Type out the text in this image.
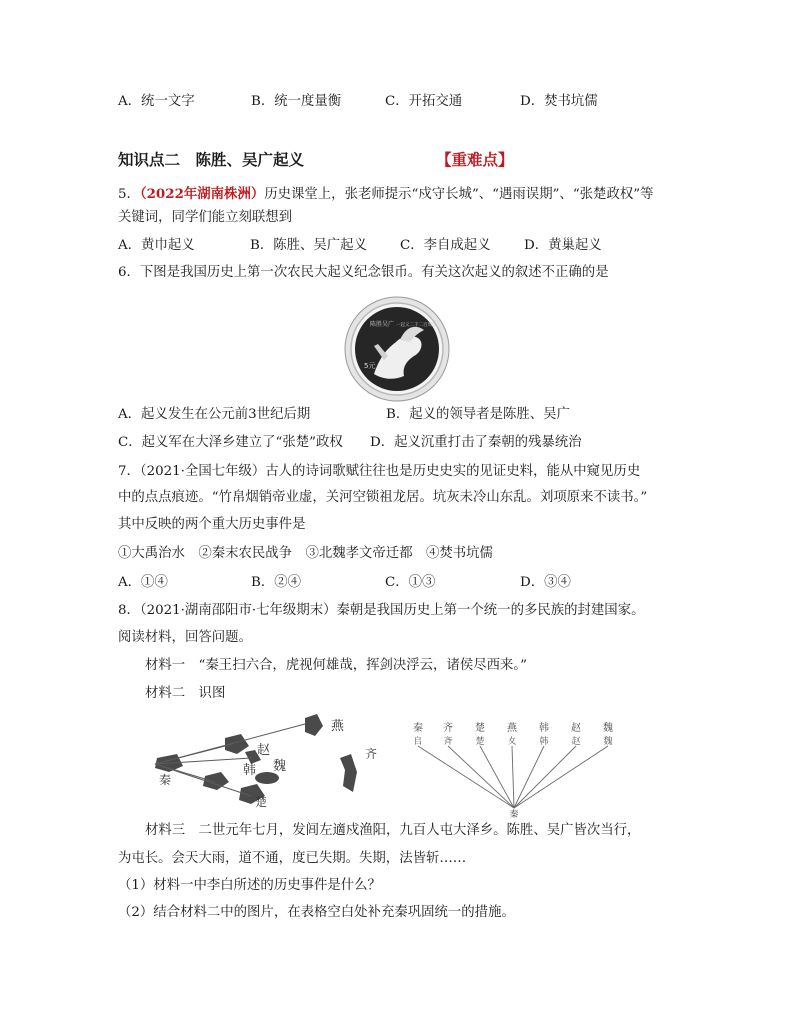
A．统一文字	B．统一度量衡	C．开拓交通	D．焚书坑儒
知识点二　陈胜、吴广起义	【重难点】
5．（2022年湖南株洲）历史课堂上，张老师提示“戍守长城”、“遇雨误期”、“张楚政权”等
关键词，同学们能立刻联想到
A．黄巾起义	B．陈胜、吴广起义 C．李自成起义 D．黄巢起义
6．下图是我国历史上第一次农民大起义纪念银币。有关这次起义的叙述不正确的是
陈胜吴广 一起义二千二百周年
5元
A．起义发生在公元前3世纪后期	B．起义的领导者是陈胜、吴广
C．起义军在大泽乡建立了“张楚”政权 D．起义沉重打击了秦朝的残暴统治
7．（2021·全国七年级）古人的诗词歌赋往往也是历史史实的见证史料，能从中窥见历史
中的点点痕迹。“竹帛烟销帝业虚，关河空锁祖龙居。坑灰未冷山东乱。刘项原来不读书。”
其中反映的两个重大历史事件是
①大禹治水　②秦末农民战争　③北魏孝文帝迁都　④焚书坑儒
A．①④	B．②④	C．①③	D．③④
8．（2021·湖南邵阳市·七年级期末）秦朝是我国历史上第一个统一的多民族的封建国家。
阅读材料，回答问题。
材料一　“秦王扫六合，虎视何雄哉，挥剑决浮云，诸侯尽西来。”
材料二　识图
燕
赵	齐
韩 魏
秦
楚
秦 齐 楚 燕 韩 赵 魏
𠂤 斉	楚	夊	韩	赵	魏
秦
材料三　二世元年七月，发闾左適戍渔阳，九百人屯大泽乡。陈胜、吴广皆次当行，
为屯长。会天大雨，道不通，度已失期。失期，法皆斩……
（1）材料一中李白所述的历史事件是什么？
（2）结合材料二中的图片，在表格空白处补充秦巩固统一的措施。
